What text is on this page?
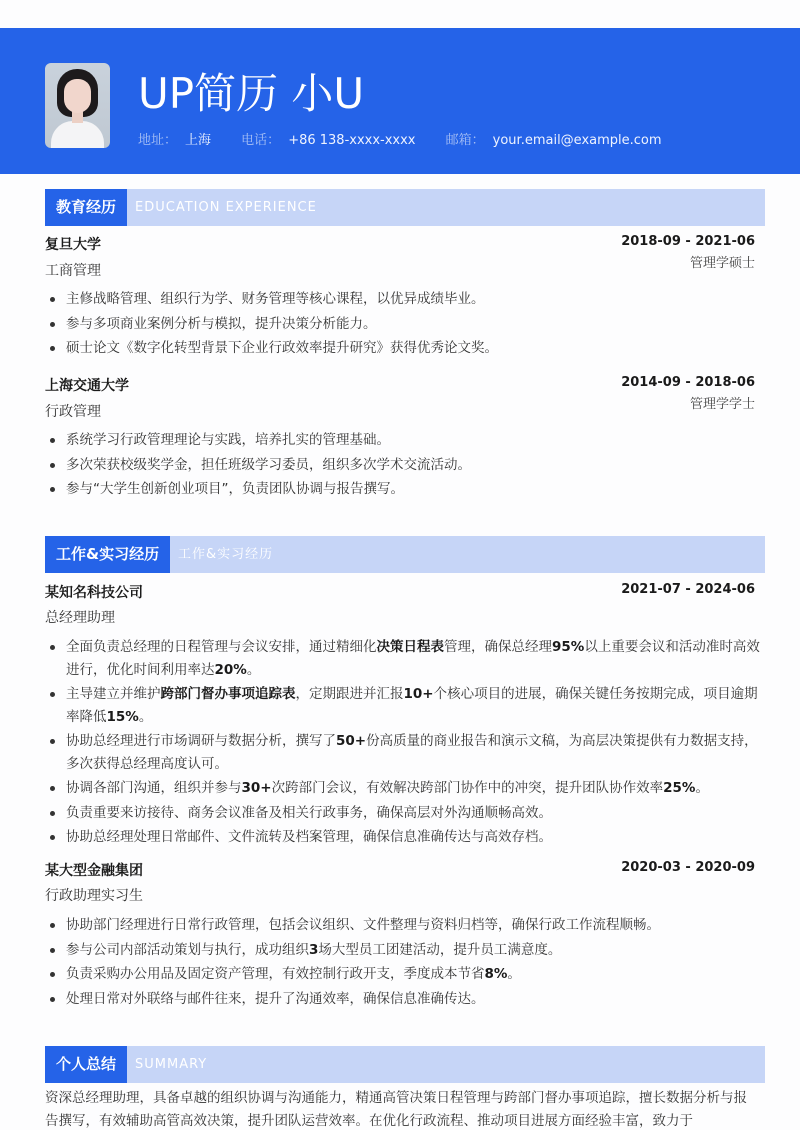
UP简历 小U
地址： 上海 电话： +86 138-xxxx-xxxx 邮箱： your.email@example.com
教育经历	EDUCATION EXPERIENCE
复旦大学	2018-09 - 2021-06
工商管理	管理学硕士
主修战略管理、组织行为学、财务管理等核心课程，以优异成绩毕业。
参与多项商业案例分析与模拟，提升决策分析能力。
硕士论文《数字化转型背景下企业行政效率提升研究》获得优秀论文奖。
上海交通大学	2014-09 - 2018-06
行政管理	管理学学士
系统学习行政管理理论与实践，培养扎实的管理基础。
多次荣获校级奖学金，担任班级学习委员，组织多次学术交流活动。
参与“大学生创新创业项目”，负责团队协调与报告撰写。
工作&实习经历	工作&实习经历
某知名科技公司	2021-07 - 2024-06
总经理助理
全面负责总经理的日程管理与会议安排，通过精细化决策日程表管理，确保总经理95%以上重要会议和活动准时高效进行，优化时间利用率达20%。
主导建立并维护跨部门督办事项追踪表，定期跟进并汇报10+个核心项目的进展，确保关键任务按期完成，项目逾期率降低15%。
协助总经理进行市场调研与数据分析，撰写了50+份高质量的商业报告和演示文稿，为高层决策提供有力数据支持，多次获得总经理高度认可。
协调各部门沟通，组织并参与30+次跨部门会议，有效解决跨部门协作中的冲突，提升团队协作效率25%。
负责重要来访接待、商务会议准备及相关行政事务，确保高层对外沟通顺畅高效。
协助总经理处理日常邮件、文件流转及档案管理，确保信息准确传达与高效存档。
某大型金融集团	2020-03 - 2020-09
行政助理实习生
协助部门经理进行日常行政管理，包括会议组织、文件整理与资料归档等，确保行政工作流程顺畅。
参与公司内部活动策划与执行，成功组织3场大型员工团建活动，提升员工满意度。
负责采购办公用品及固定资产管理，有效控制行政开支，季度成本节省8%。
处理日常对外联络与邮件往来，提升了沟通效率，确保信息准确传达。
个人总结	SUMMARY
资深总经理助理，具备卓越的组织协调与沟通能力，精通高管决策日程管理与跨部门督办事项追踪，擅长数据分析与报告撰写，有效辅助高管高效决策，提升团队运营效率。在优化行政流程、推动项目进展方面经验丰富，致力于
